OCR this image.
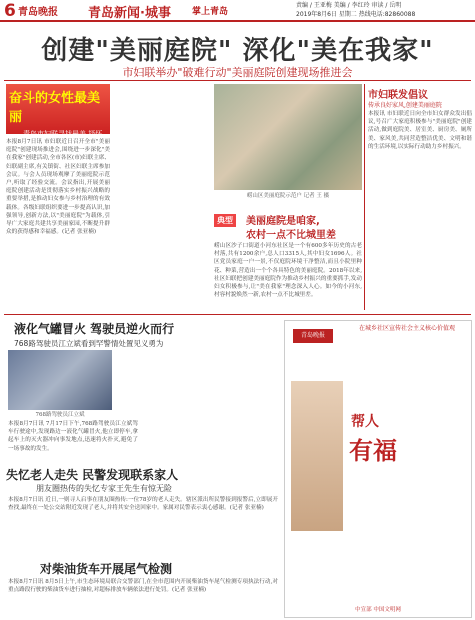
6 青岛晚报 青岛新闻·城事 掌上青岛
责编 / 王亚梅 美编 / 李红玲 审读 / 岳明
2019年8月6日 星期二 热线电话:82860088
创建"美丽庭院" 深化"美在我家"
市妇联举办"破难行动"美丽庭院创建现场推进会
奋斗的女性最美丽
——青岛市妇联寻找最美 抒怀
本报8月7日讯 市妇联近日召开全市"美丽庭院"创建现场推进会,围绕进一步深化"美在我家"创建活动,全市各区(市)妇联主席、妇联副主席,有关镇街、社区妇联主席参加会议。与会人员现场观摩了美丽庭院示范户,听取了经验交流。会议指出,开展美丽庭院创建活动是贯彻落实乡村振兴战略的重要举措,是推动妇女参与乡村治理的有效载体。各级妇联组织要进一步提高认识,加强领导,创新方法,以"美丽庭院"为载体,引导广大家庭共建共享美丽家园,不断提升群众的获得感和幸福感。(记者 张亚楠)
崂山区美丽庭院示范户 记者 王 摄
典型	美丽庭院是咱家,
农村一点不比城里差
崂山区沙子口街道小河东社区是一个有600多年历史的古老村落,共有1200余户,总人口3315人,其中妇女1696人。社区党员家庭一户一景,不仅庭院环境干净整洁,而且小院里种花、种菜,营造出一个个各具特色的美丽庭院。2018年以来,社区妇联把创建美丽庭院作为推动乡村振兴的重要抓手,发动妇女积极参与,让"美在我家"理念深入人心。如今的小河东,村容村貌焕然一新,农村一点不比城里差。
市妇联发倡议
传承良好家风,创建美丽庭院
本报讯 市妇联近日向全市妇女群众发出倡议,号召广大家庭积极参与"美丽庭院"创建活动,做到庭院美、居室美、厨房美、厕所美、家风美,共同营造整洁优美、文明和谐的生活环境,以实际行动助力乡村振兴。
液化气罐冒火 驾驶员逆火而行
768路驾驶员江立斌看到罕警情处置见义勇为
768路驾驶员江立斌
本报8月7日讯 7月17日下午,768路驾驶员江立斌驾车行驶途中,发现路边一液化气罐冒火,他立即停车,拿起车上的灭火器冲向事发地点,迅速将火扑灭,避免了一场事故的发生。
失忆老人走失 民警发现联系家人
朋友圈热传的失忆专家王先生有惊无险
本报8月7日讯 近日,一则寻人启事在朋友圈热传:一位78岁的老人走失。辖区派出所民警接到报警后,立即展开查找,最终在一处公交站附近发现了老人,并将其安全送回家中。家属对民警表示衷心感谢。(记者 张亚楠)
对柴油货车开展尾气检测
本报8月7日讯 8月5日上午,市生态环境局联合交警部门,在全市范围内开展柴油货车尾气检测专项执法行动,对重点路段行驶的柴油货车进行抽检,对超标排放车辆依法进行处罚。(记者 张亚楠)
青岛晚报
在城乡社区宣传社会主义核心价值观
帮人
有福
中宣部 中国文明网
